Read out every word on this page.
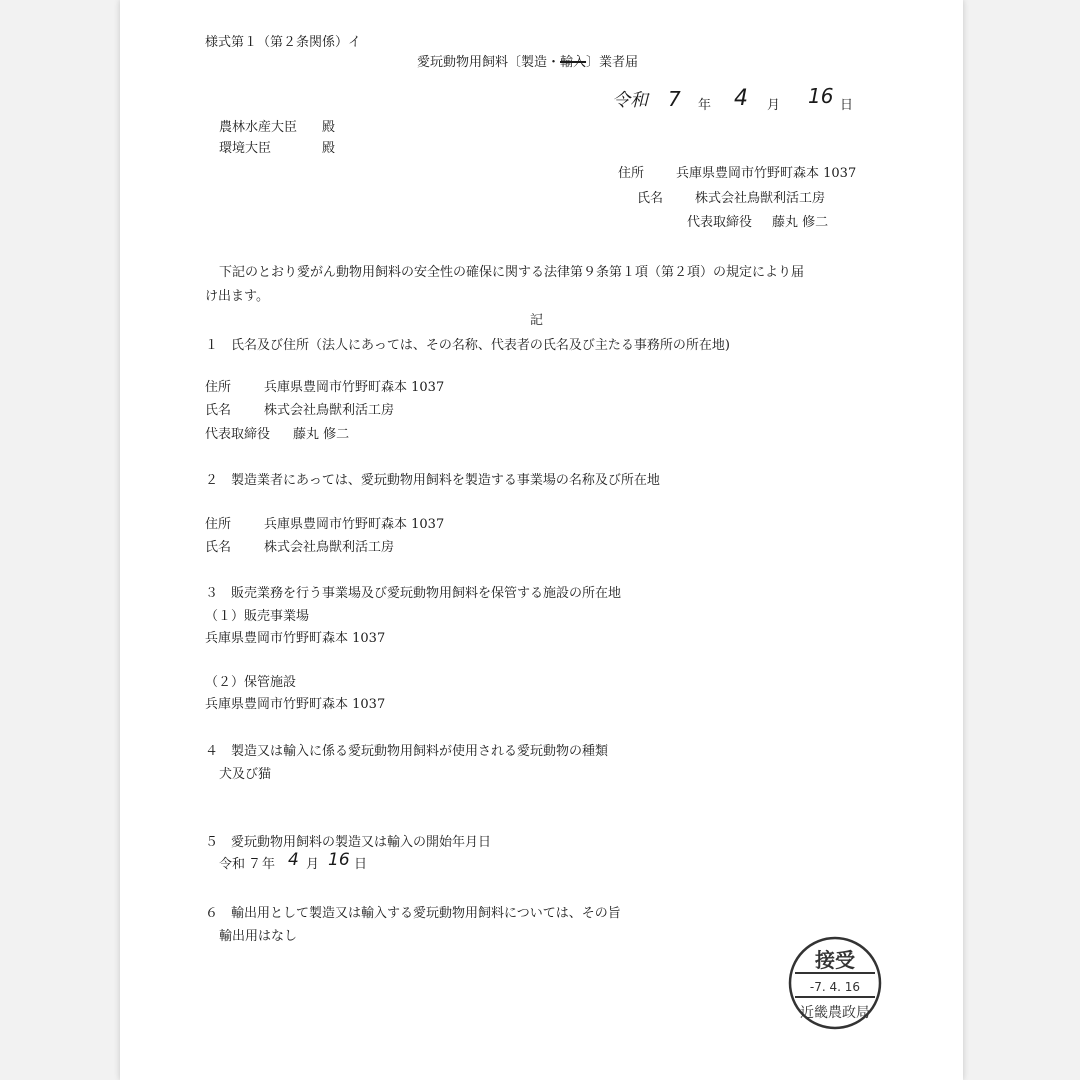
様式第１（第２条関係）イ
愛玩動物用飼料〔製造・輸入〕業者届
令和 7 年 4 月 16 日
農林水産大臣 殿
環境大臣	殿
住所 兵庫県豊岡市竹野町森本 1037
氏名 株式会社鳥獣利活工房
代表取締役 藤丸 修二
下記のとおり愛がん動物用飼料の安全性の確保に関する法律第９条第１項（第２項）の規定により届
け出ます。
記
１　氏名及び住所（法人にあっては、その名称、代表者の氏名及び主たる事務所の所在地)
住所	兵庫県豊岡市竹野町森本 1037
氏名	株式会社鳥獣利活工房
代表取締役 藤丸 修二
２　製造業者にあっては、愛玩動物用飼料を製造する事業場の名称及び所在地
住所	兵庫県豊岡市竹野町森本 1037
氏名	株式会社鳥獣利活工房
３　販売業務を行う事業場及び愛玩動物用飼料を保管する施設の所在地
（１）販売事業場
兵庫県豊岡市竹野町森本 1037
（２）保管施設
兵庫県豊岡市竹野町森本 1037
４　製造又は輸入に係る愛玩動物用飼料が使用される愛玩動物の種類
犬及び猫
５　愛玩動物用飼料の製造又は輸入の開始年月日
令和 ７ 年 4 月 16 日
６　輸出用として製造又は輸入する愛玩動物用飼料については、その旨
輸出用はなし
接受
-7. 4. 16
近畿農政局
